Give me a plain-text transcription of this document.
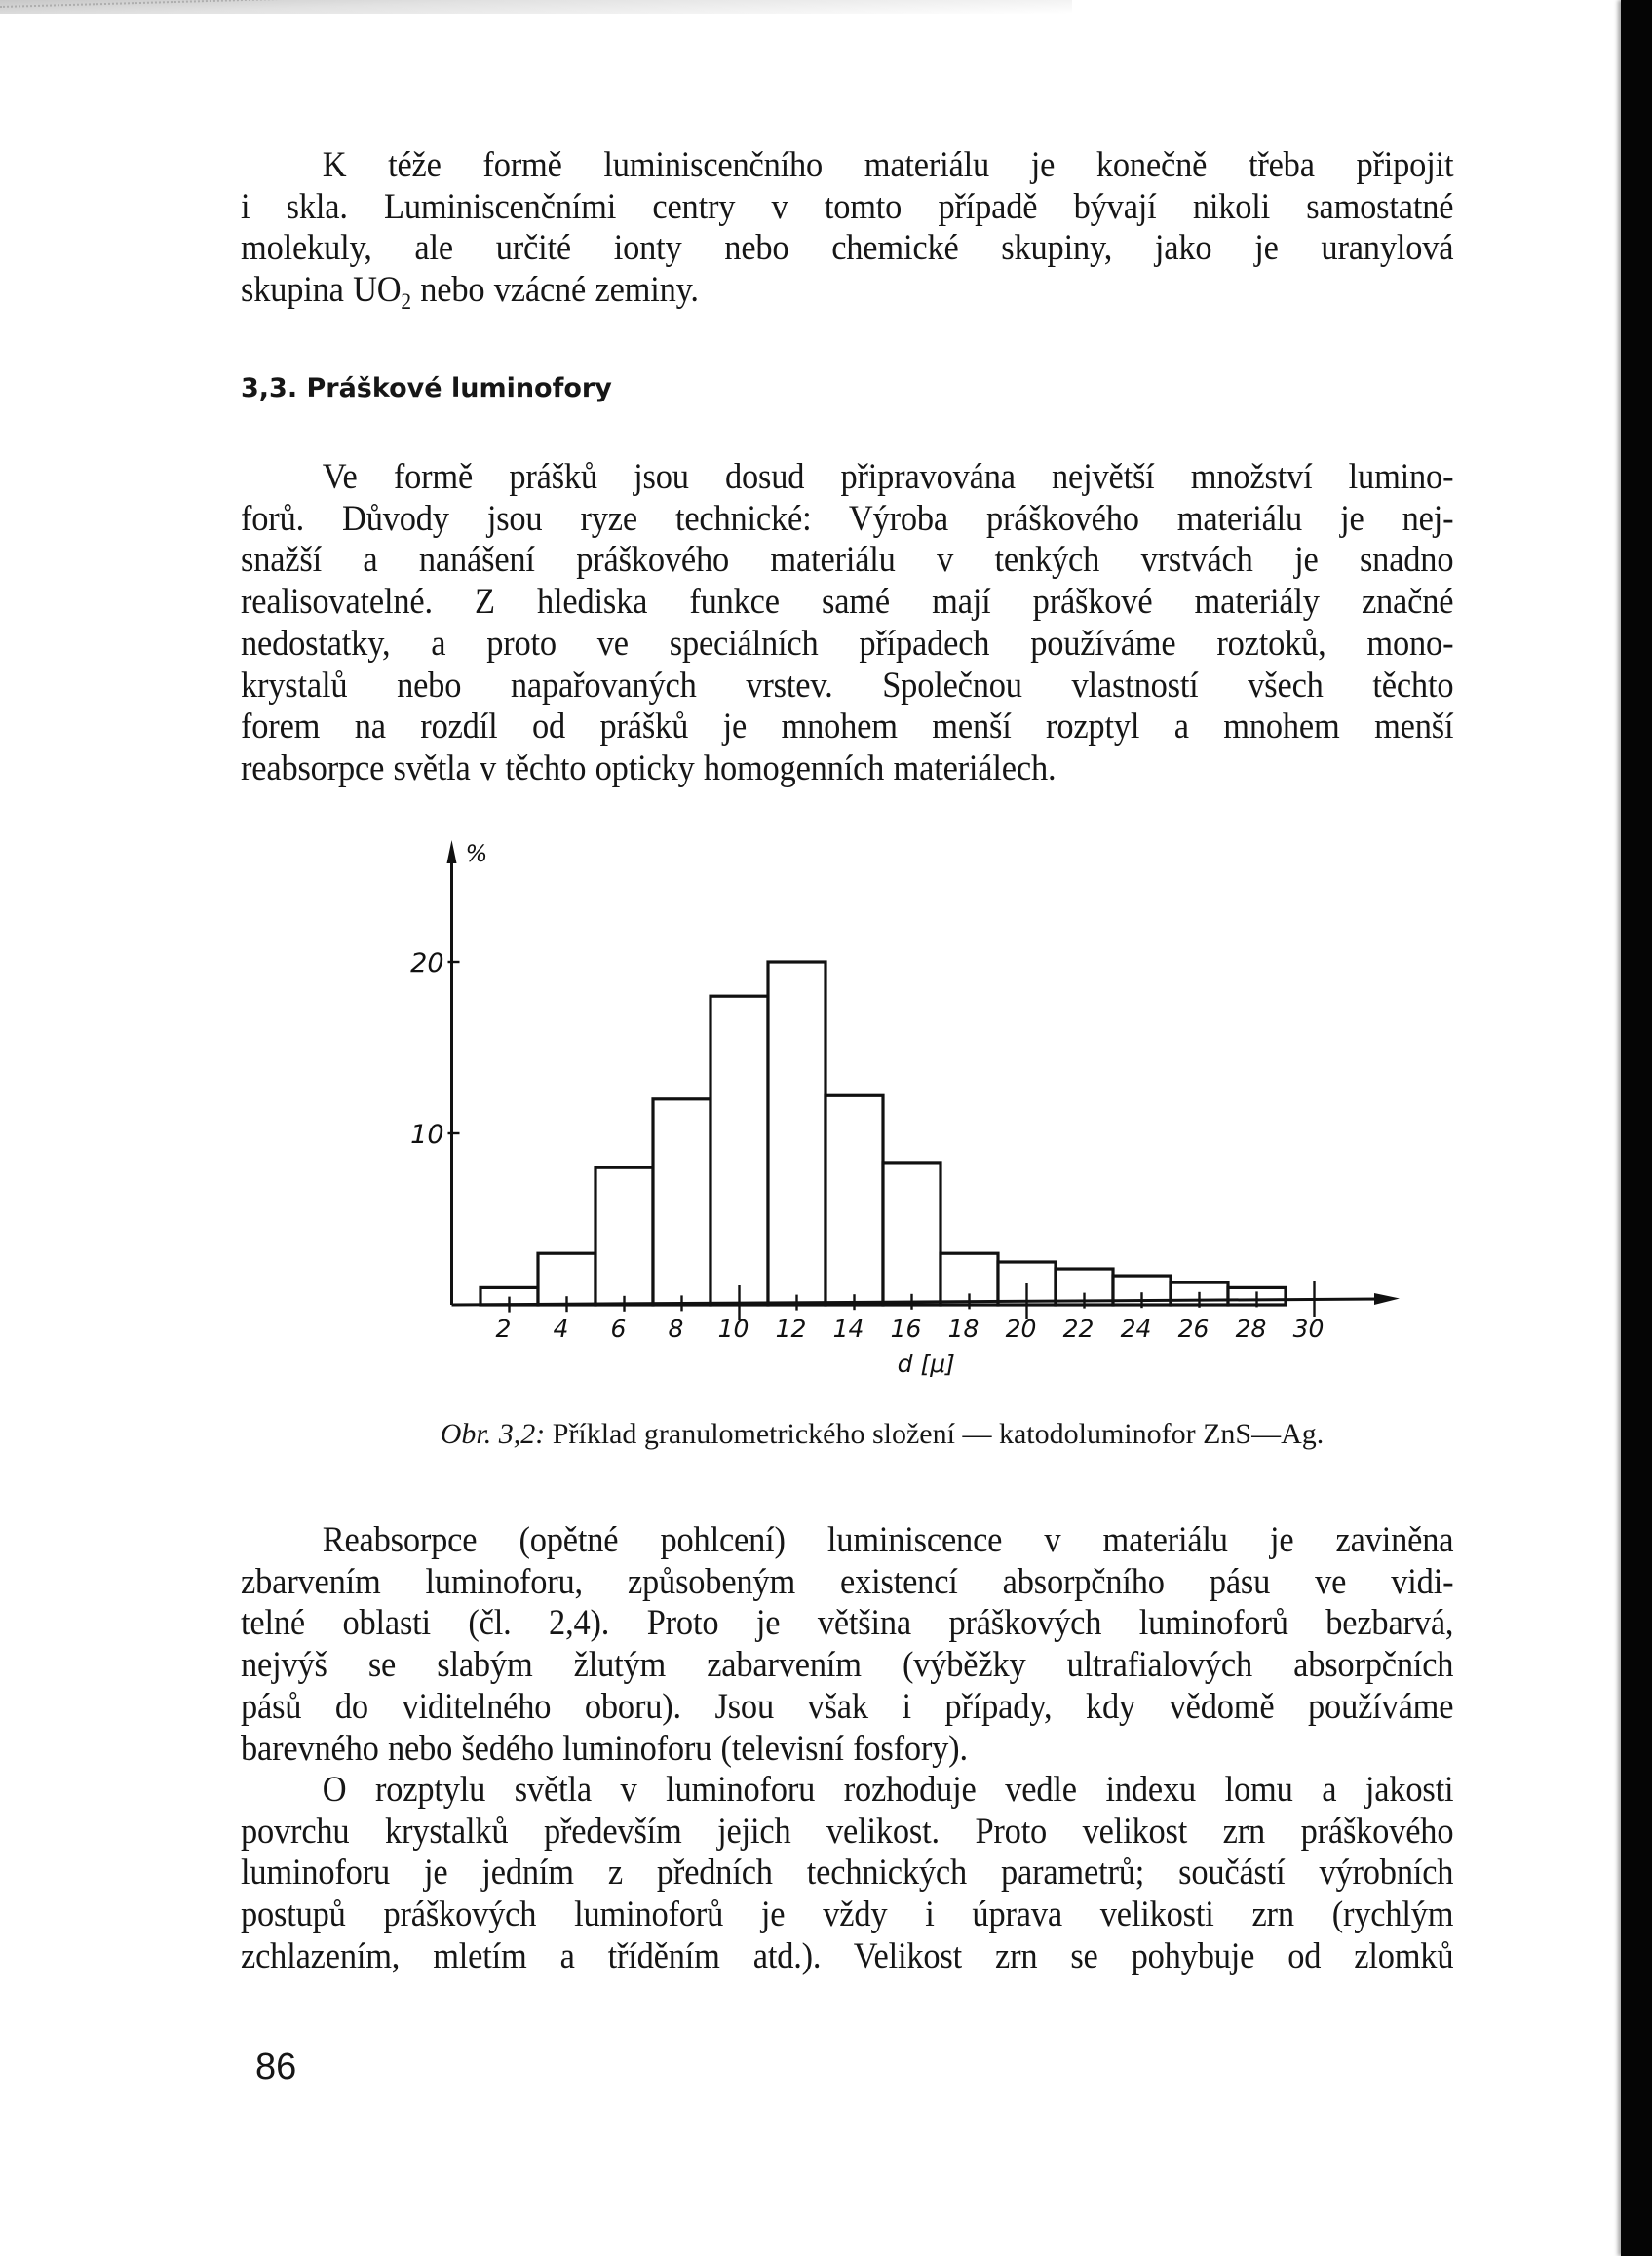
K téže formě luminiscenčního materiálu je konečně třeba připojit
i skla. Luminiscenčními centry v tomto případě bývají nikoli samostatné
molekuly, ale určité ionty nebo chemické skupiny, jako je uranylová
skupina $UO_2$ nebo vzácné zeminy.

3,3. Práškové luminofory

Ve formě prášků jsou dosud připravována největší množství lumino-
forů. Důvody jsou ryze technické: Výroba práškového materiálu je nej-
snažší a nanášení práškového materiálu v tenkých vrstvách je snadno
realisovatelné. Z hlediska funkce samé mají práškové materiály značné
nedostatky, a proto ve speciálních případech používáme roztoků, mono-
krystalů nebo napařovaných vrstev. Společnou vlastností všech těchto
forem na rozdíl od prášků je mnohem menší rozptyl a mnohem menší
reabsorpce světla v těchto opticky homogenních materiálech.

2 4 6 8 10 12 14 16 18 20 22 24 26 28 30
10
20
%
d [μ]

Obr. 3,2: Příklad granulometrického složení — katodoluminofor ZnS—Ag.

Reabsorpce (opětné pohlcení) luminiscence v materiálu je zaviněna
zbarvením luminoforu, způsobeným existencí absorpčního pásu ve vidi-
telné oblasti (čl. 2,4). Proto je většina práškových luminoforů bezbarvá,
nejvýš se slabým žlutým zabarvením (výběžky ultrafialových absorpčních
pásů do viditelného oboru). Jsou však i případy, kdy vědomě používáme
barevného nebo šedého luminoforu (televisní fosfory).

O rozptylu světla v luminoforu rozhoduje vedle indexu lomu a jakosti
povrchu krystalků především jejich velikost. Proto velikost zrn práškového
luminoforu je jedním z předních technických parametrů; součástí výrobních
postupů práškových luminoforů je vždy i úprava velikosti zrn (rychlým
zchlazením, mletím a tříděním atd.). Velikost zrn se pohybuje od zlomků

86
